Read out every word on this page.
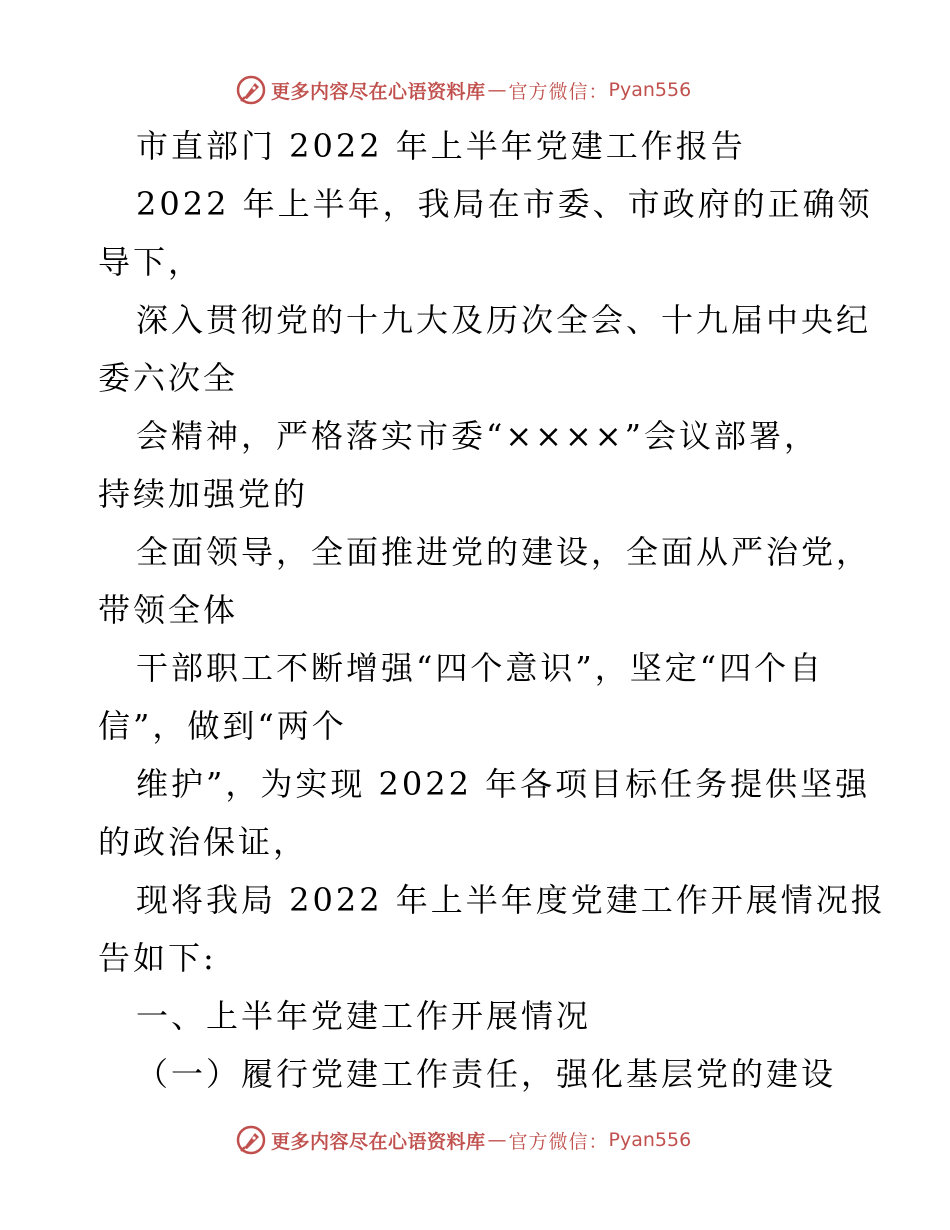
更多内容尽在心语资料库 — 官方微信： Pyan556
市直部门 2022 年上半年党建工作报告
2022 年上半年，我局在市委、市政府的正确领
导下，
深入贯彻党的十九大及历次全会、十九届中央纪
委六次全
会精神，严格落实市委“××××”会议部署，
持续加强党的
全面领导，全面推进党的建设，全面从严治党，
带领全体
干部职工不断增强“四个意识”，坚定“四个自
信”，做到“两个
维护”，为实现 2022 年各项目标任务提供坚强
的政治保证，
现将我局 2022 年上半年度党建工作开展情况报
告如下:
一、上半年党建工作开展情况
（一）履行党建工作责任，强化基层党的建设
更多内容尽在心语资料库 — 官方微信： Pyan556
